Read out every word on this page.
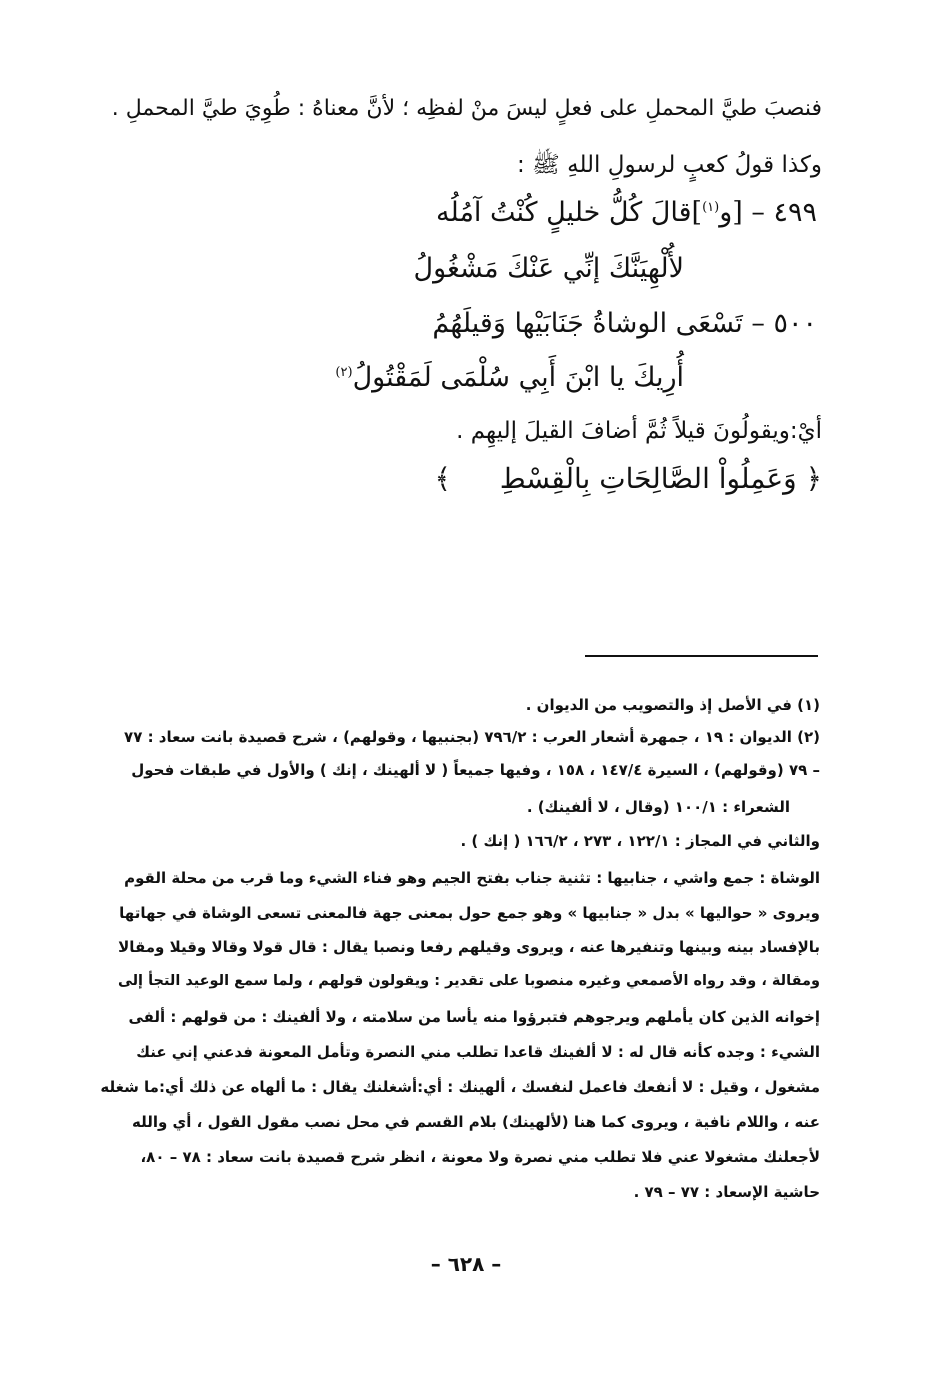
فنصبَ طيَّ المحملِ على فعلٍ ليسَ منْ لفظِه ؛ لأنَّ معناهُ : طُوِيَ طيَّ المحملِ .
وكذا قولُ كعبٍ لرسولِ اللهِ ﷺ :
٤٩٩ – [و$^{(١)}$]قالَ كُلُّ خليلٍ كُنْتُ آمُلُه
لأُلْهِيَنَّكَ إنِّي عَنْكَ مَشْغُولُ
٥٠٠ – تَسْعَى الوشاةُ جَنَابَيْها وَقيلَهُمُ
أُرِيكَ يا ابْنَ أَبِي سُلْمَى لَمَقْتُولُ$^{(٢)}$
أيْ:ويقولُونَ قيلاً ثُمَّ أضافَ القيلَ إليهِم .
﴿ وَعَمِلُواْ الصَّالِحَاتِ بِالْقِسْطِ ﴾
(١) في الأصل إذ والتصويب من الديوان .
(٢) الديوان : ١٩ ، جمهرة أشعار العرب : ٧٩٦/٢ (بجنبيها ، وقولهم) ، شرح قصيدة بانت سعاد : ٧٧
– ٧٩ (وقولهم) ، السيرة ١٤٧/٤ ، ١٥٨ ، وفيها جميعاً ( لا ألهينك ، إنك ) والأول في طبقات فحول
الشعراء : ١٠٠/١ (وقال ، لا ألفينك) .
والثاني في المجاز : ١٢٢/١ ، ٢٧٣ ، ١٦٦/٢ ( إنك ) .
الوشاة : جمع واشي ، جنابيها : تثنية جناب بفتح الجيم وهو فناء الشيء وما قرب من محلة القوم
ويروى « حواليها » بدل « جنابيها » وهو جمع حول بمعنى جهة فالمعنى تسعى الوشاة في جهاتها
بالإفساد بينه وبينها وتنفيرها عنه ، ويروى وقيلهم رفعا ونصبا يقال : قال قولا وقالا وقيلا ومقالا
ومقالة ، وقد رواه الأصمعي وغيره منصوبا على تقدير : ويقولون قولهم ، ولما سمع الوعيد التجأ إلى
إخوانه الذين كان يأملهم ويرجوهم فتبرؤوا منه يأسا من سلامته ، ولا ألفينك : من قولهم : ألفى
الشيء : وجده كأنه قال له : لا ألفينك قاعدا تطلب مني النصرة وتأمل المعونة فدعني إني عنك
مشغول ، وقيل : لا أنفعك فاعمل لنفسك ، ألهينك : أي:أشغلنك يقال : ما ألهاه عن ذلك أي:ما شغله
عنه ، واللام نافية ، ويروى كما هنا (لألهينك) بلام القسم في محل نصب مقول القول ، أي والله
لأجعلنك مشغولا عني فلا تطلب مني نصرة ولا معونة ، انظر شرح قصيدة بانت سعاد : ٧٨ – ٨٠،
حاشية الإسعاد : ٧٧ – ٧٩ .
– ٦٢٨ –
